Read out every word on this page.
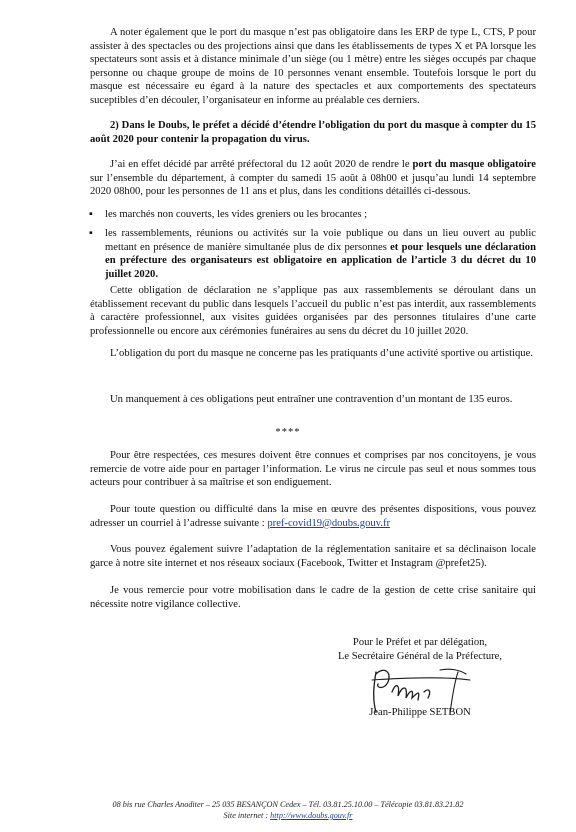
A noter également que le port du masque n’est pas obligatoire dans les ERP de type L, CTS, P pour assister à des spectacles ou des projections ainsi que dans les établissements de types X et PA lorsque les spectateurs sont assis et à distance minimale d’un siège (ou 1 mètre) entre les sièges occupés par chaque personne ou chaque groupe de moins de 10 personnes venant ensemble. Toutefois lorsque le port du masque est nécessaire eu égard à la nature des spectacles et aux comportements des spectateurs suceptibles d’en découler, l’organisateur en informe au préalable ces derniers.

2) Dans le Doubs, le préfet a décidé d’étendre l’obligation du port du masque à compter du 15 août 2020 pour contenir la propagation du virus.

J’ai en effet décidé par arrêté préfectoral du 12 août 2020 de rendre le port du masque obligatoire sur l’ensemble du département, à compter du samedi 15 août à 08h00 et jusqu’au lundi 14 septembre 2020 08h00, pour les personnes de 11 ans et plus, dans les conditions détaillés ci-dessous.

▪	les marchés non couverts, les vides greniers ou les brocantes ;
▪	les rassemblements, réunions ou activités sur la voie publique ou dans un lieu ouvert au public mettant en présence de manière simultanée plus de dix personnes et pour lesquels une déclaration en préfecture des organisateurs est obligatoire en application de l’article 3 du décret du 10 juillet 2020.

Cette obligation de déclaration ne s’applique pas aux rassemblements se déroulant dans un établissement recevant du public dans lesquels l’accueil du public n’est pas interdit, aux rassemblements à caractère professionnel, aux visites guidées organisées par des personnes titulaires d’une carte professionnelle ou encore aux cérémonies funéraires au sens du décret du 10 juillet 2020.

L’obligation du port du masque ne concerne pas les pratiquants d’une activité sportive ou artistique.

Un manquement à ces obligations peut entraîner une contravention d’un montant de 135 euros.

****

Pour être respectées, ces mesures doivent être connues et comprises par nos concitoyens, je vous remercie de votre aide pour en partager l’information. Le virus ne circule pas seul et nous sommes tous acteurs pour contribuer à sa maîtrise et son endiguement.

Pour toute question ou difficulté dans la mise en œuvre des présentes dispositions, vous pouvez adresser un courriel à l’adresse suivante : pref-covid19@doubs.gouv.fr

Vous pouvez également suivre l’adaptation de la réglementation sanitaire et sa déclinaison locale garce à notre site internet et nos réseaux sociaux (Facebook, Twitter et Instagram @prefet25).

Je vous remercie pour votre mobilisation dans le cadre de la gestion de cette crise sanitaire qui nécessite notre vigilance collective.

Pour le Préfet et par délégation,
Le Secrétaire Général de la Préfecture,
Jean-Philippe SETBON
08 bis rue Charles Anoditer – 25 035 BESANÇON Cedex – Tél. 03.81.25.10.00 – Télécopie 03.81.83.21.82
Site internet : http://www.doubs.gouv.fr
